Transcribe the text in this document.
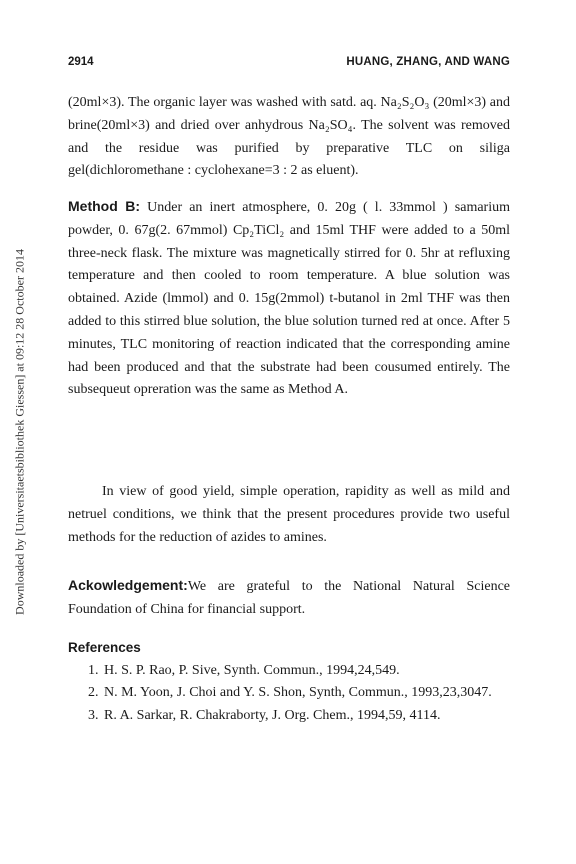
Downloaded by [Universitaetsbibliothek Giessen] at 09:12 28 October 2014
2914	HUANG, ZHANG, AND WANG

(20ml×3). The organic layer was washed with satd. aq. Na₂S₂O₃ (20ml×3) and brine(20ml×3) and dried over anhydrous Na₂SO₄. The solvent was removed and the residue was purified by preparative TLC on siliga gel(dichloromethane : cyclohexane=3 : 2 as eluent).

Method B: Under an inert atmosphere, 0. 20g ( l. 33mmol ) samarium powder, 0. 67g(2. 67mmol) Cp₂TiCl₂ and 15ml THF were added to a 50ml three-neck flask. The mixture was magnetically stirred for 0. 5hr at refluxing temperature and then cooled to room temperature. A blue solution was obtained. Azide (lmmol) and 0. 15g(2mmol) t-butanol in 2ml THF was then added to this stirred blue solution, the blue solution turned red at once. After 5 minutes, TLC monitoring of reaction indicated that the corresponding amine had been produced and that the substrate had been cousumed entirely. The subsequeut opreration was the same as Method A.

In view of good yield, simple operation, rapidity as well as mild and netruel conditions, we think that the present procedures provide two useful methods for the reduction of azides to amines.

Ackowledgement:We are grateful to the National Natural Science Foundation of China for financial support.

References
1. H. S. P. Rao, P. Sive, Synth. Commun., 1994,24,549.
2. N. M. Yoon, J. Choi and Y. S. Shon, Synth, Commun., 1993,23,3047.
3. R. A. Sarkar, R. Chakraborty, J. Org. Chem., 1994,59, 4114.
